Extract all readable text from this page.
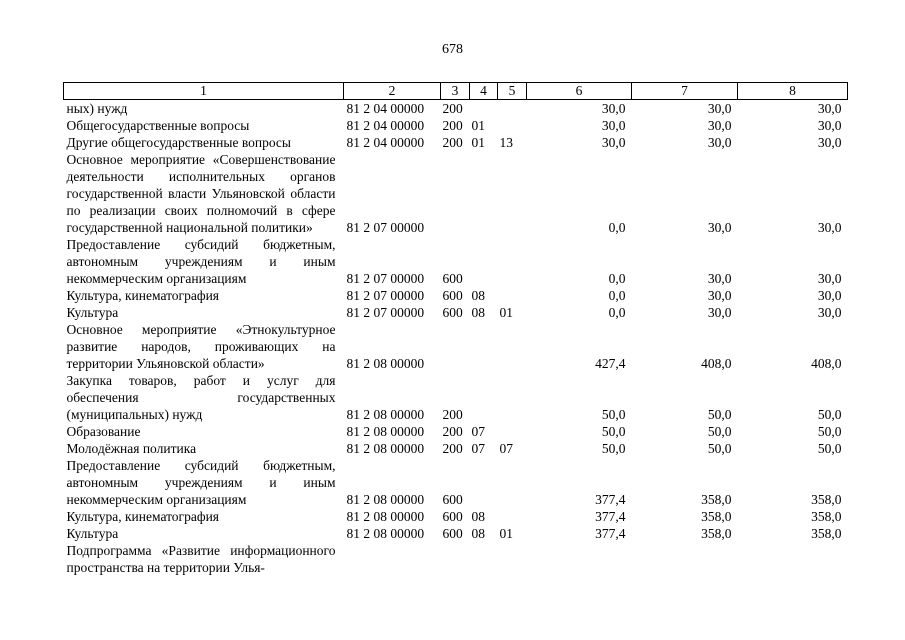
678
1	2	3	4	5	6	7	8
ных) нужд	81 2 04 00000	200			30,0	30,0	30,0
Общегосударственные вопросы	81 2 04 00000	200	01		30,0	30,0	30,0
Другие общегосударственные вопросы	81 2 04 00000	200	01	13	30,0	30,0	30,0
Основное мероприятие «Совершенствование деятельности исполнительных органов государственной власти Ульяновской области по реализации своих полномочий в сфере государственной национальной политики»	81 2 07 00000				0,0	30,0	30,0
Предоставление субсидий бюджетным, автономным учреждениям и иным некоммерческим организациям	81 2 07 00000	600			0,0	30,0	30,0
Культура, кинематография	81 2 07 00000	600	08		0,0	30,0	30,0
Культура	81 2 07 00000	600	08	01	0,0	30,0	30,0
Основное мероприятие «Этнокультурное развитие народов, проживающих на территории Ульяновской области»	81 2 08 00000				427,4	408,0	408,0
Закупка товаров, работ и услуг для обеспечения государственных (муниципальных) нужд	81 2 08 00000	200			50,0	50,0	50,0
Образование	81 2 08 00000	200	07		50,0	50,0	50,0
Молодёжная политика	81 2 08 00000	200	07	07	50,0	50,0	50,0
Предоставление субсидий бюджетным, автономным учреждениям и иным некоммерческим организациям	81 2 08 00000	600			377,4	358,0	358,0
Культура, кинематография	81 2 08 00000	600	08		377,4	358,0	358,0
Культура	81 2 08 00000	600	08	01	377,4	358,0	358,0
Подпрограмма «Развитие информационного пространства на территории Улья-							
